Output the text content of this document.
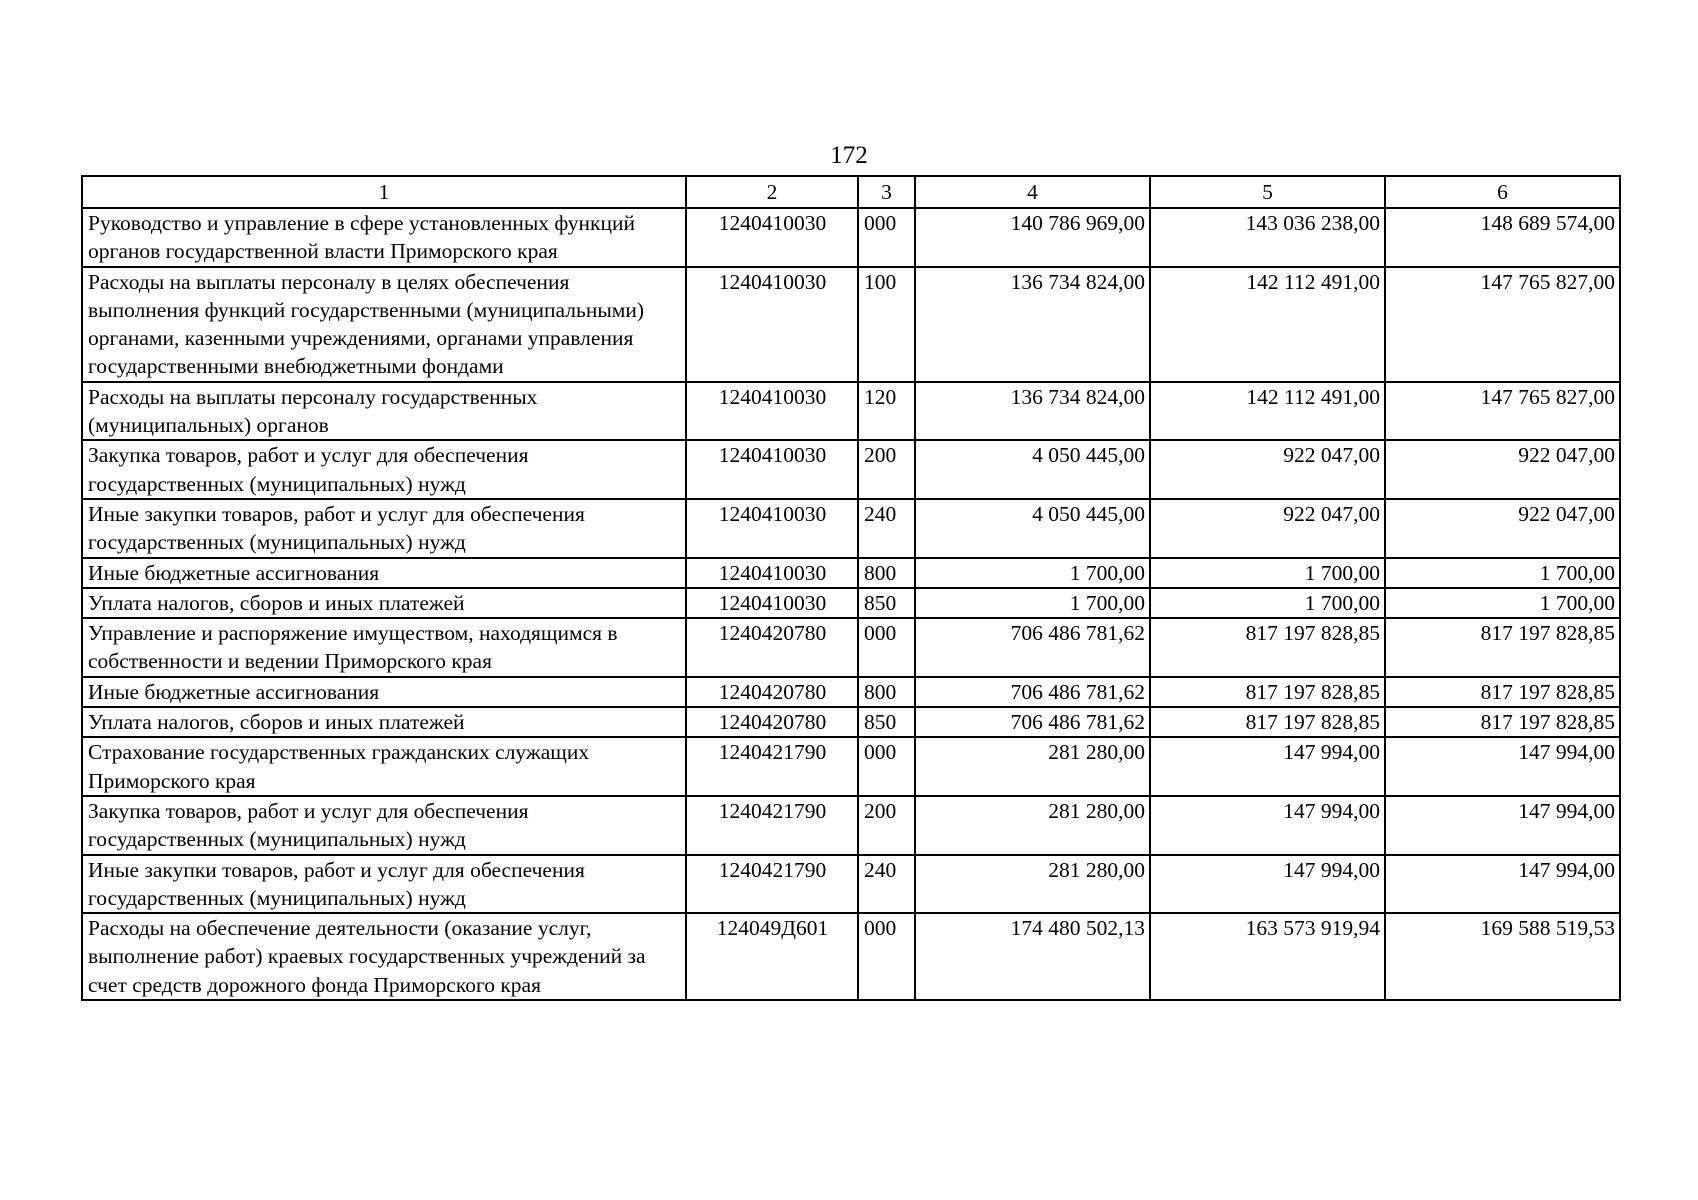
172
1	2	3	4	5	6
Руководство и управление в сфере установленных функций органов государственной власти Приморского края	1240410030	000	140 786 969,00	143 036 238,00	148 689 574,00
Расходы на выплаты персоналу в целях обеспечения выполнения функций государственными (муниципальными) органами, казенными учреждениями, органами управления государственными внебюджетными фондами	1240410030	100	136 734 824,00	142 112 491,00	147 765 827,00
Расходы на выплаты персоналу государственных (муниципальных) органов	1240410030	120	136 734 824,00	142 112 491,00	147 765 827,00
Закупка товаров, работ и услуг для обеспечения государственных (муниципальных) нужд	1240410030	200	4 050 445,00	922 047,00	922 047,00
Иные закупки товаров, работ и услуг для обеспечения государственных (муниципальных) нужд	1240410030	240	4 050 445,00	922 047,00	922 047,00
Иные бюджетные ассигнования	1240410030	800	1 700,00	1 700,00	1 700,00
Уплата налогов, сборов и иных платежей	1240410030	850	1 700,00	1 700,00	1 700,00
Управление и распоряжение имуществом, находящимся в собственности и ведении Приморского края	1240420780	000	706 486 781,62	817 197 828,85	817 197 828,85
Иные бюджетные ассигнования	1240420780	800	706 486 781,62	817 197 828,85	817 197 828,85
Уплата налогов, сборов и иных платежей	1240420780	850	706 486 781,62	817 197 828,85	817 197 828,85
Страхование государственных гражданских служащих Приморского края	1240421790	000	281 280,00	147 994,00	147 994,00
Закупка товаров, работ и услуг для обеспечения государственных (муниципальных) нужд	1240421790	200	281 280,00	147 994,00	147 994,00
Иные закупки товаров, работ и услуг для обеспечения государственных (муниципальных) нужд	1240421790	240	281 280,00	147 994,00	147 994,00
Расходы на обеспечение деятельности (оказание услуг, выполнение работ) краевых государственных учреждений за счет средств дорожного фонда Приморского края	124049Д601	000	174 480 502,13	163 573 919,94	169 588 519,53
